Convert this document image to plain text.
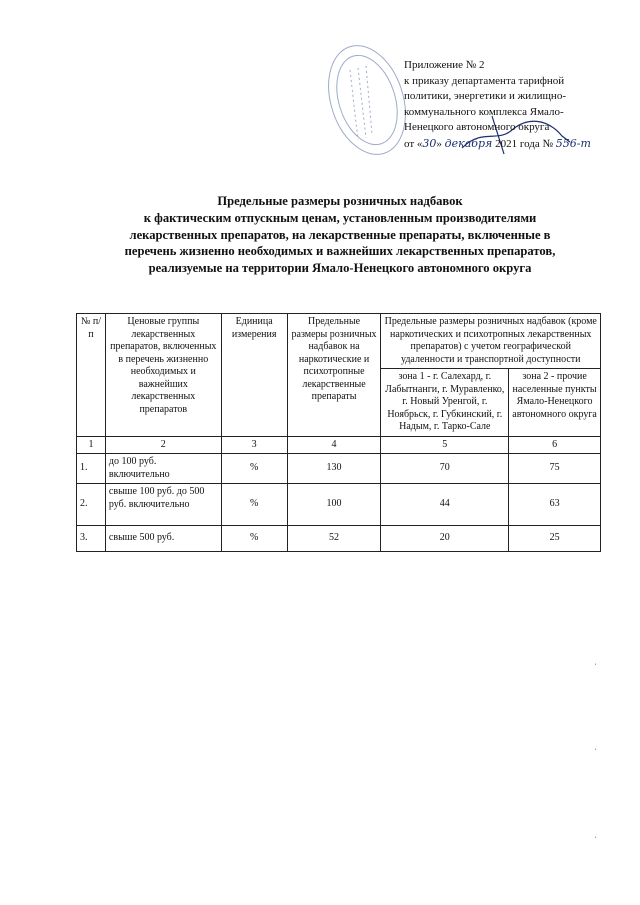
Приложение № 2
к приказу департамента тарифной
политики, энергетики и жилищно-
коммунального комплекса Ямало-
Ненецкого автономного округа
от «30» декабря 2021 года № 556-т
Предельные размеры розничных надбавок
к фактическим отпускным ценам, установленным производителями
лекарственных препаратов, на лекарственные препараты, включенные в
перечень жизненно необходимых и важнейших лекарственных препаратов,
реализуемые на территории Ямало-Ненецкого автономного округа
№ п/п	Ценовые группы лекарственных препаратов, включенных в перечень жизненно необходимых и важнейших лекарственных препаратов	Единица измерения	Предельные размеры розничных надбавок на наркотические и психотропные лекарственные препараты	Предельные размеры розничных надбавок (кроме наркотических и психотропных лекарственных препаратов) с учетом географической удаленности и транспортной доступности	
				зона 1 - г. Салехард, г. Лабытнанги, г. Муравленко, г. Новый Уренгой, г. Ноябрьск, г. Губкинский, г. Надым, г. Тарко-Сале	зона 2 - прочие населенные пункты Ямало-Ненецкого автономного округа
1	2	3	4	5	6
1.	до 100 руб. включительно	%	130	70	75
2.	свыше 100 руб. до 500 руб. включительно	%	100	44	63
3.	свыше 500 руб.	%	52	20	25
ˌ
ˌ
ˌ
